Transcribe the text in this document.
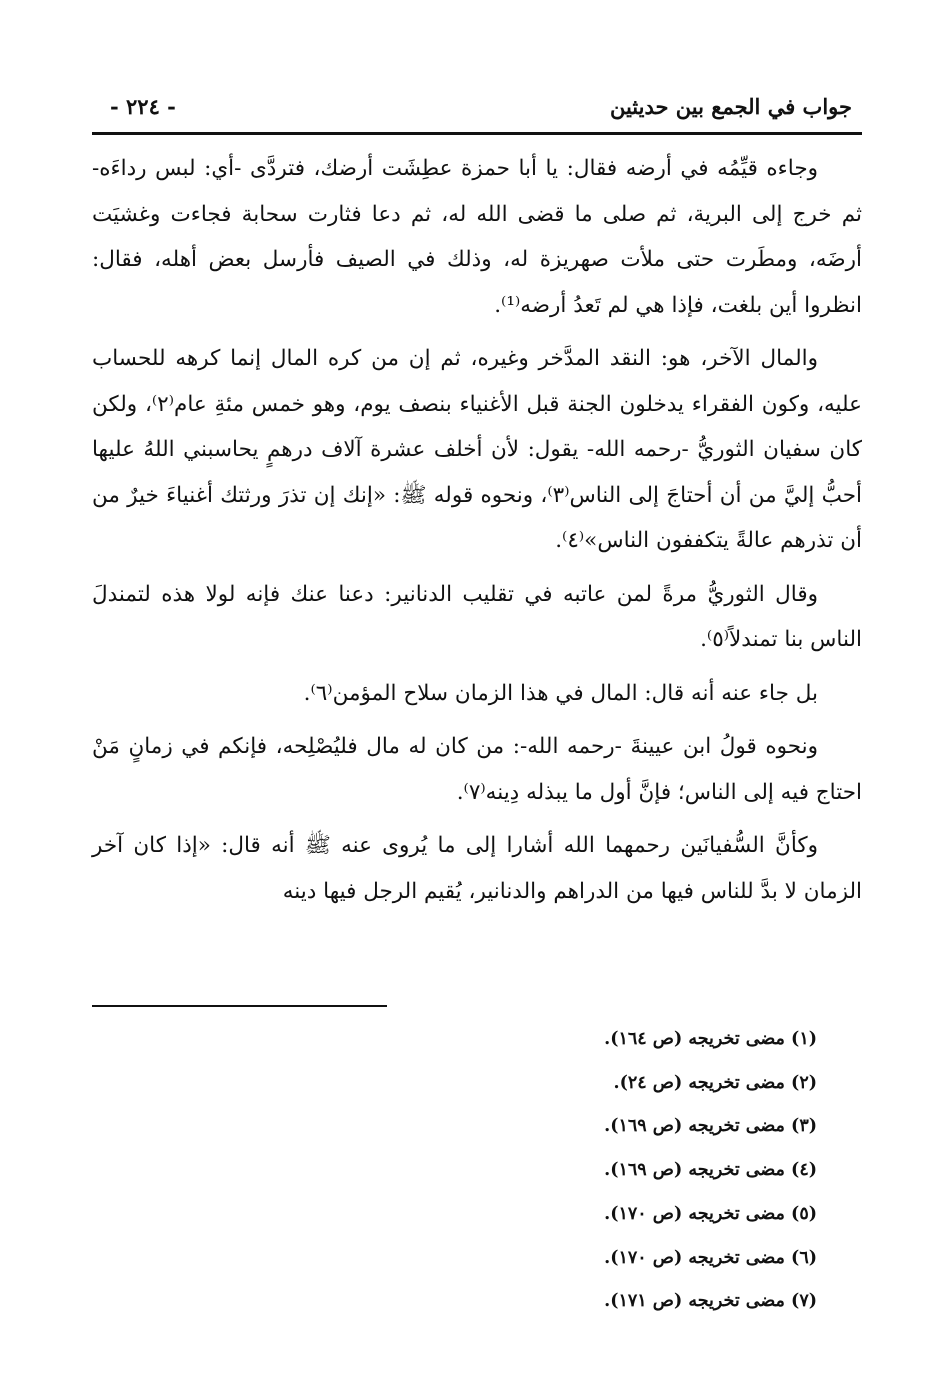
جواب في الجمع بين حديثين
- ٢٢٤ -

وجاءه قيِّمُه في أرضه فقال: يا أبا حمزة عطِشَت أرضك، فتردَّى -أي: لبس رداءَه- ثم خرج إلى البرية، ثم صلى ما قضى الله له، ثم دعا فثارت سحابة فجاءت وغشيَت أرضَه، ومطَرت حتى ملأت صهريزة له، وذلك في الصيف فأرسل بعض أهله، فقال: انظروا أين بلغت، فإذا هي لم تَعدُ أرضه⁽¹⁾.

والمال الآخر، هو: النقد المدَّخر وغيره، ثم إن من كره المال إنما كرهه للحساب عليه، وكون الفقراء يدخلون الجنة قبل الأغنياء بنصف يوم، وهو خمس مئةِ عام⁽٢⁾، ولكن كان سفيان الثوريُّ -رحمه الله- يقول: لأن أخلف عشرة آلاف درهمٍ يحاسبني اللهُ عليها أحبُّ إليَّ من أن أحتاجَ إلى الناس⁽٣⁾، ونحوه قوله ﷺ: «إنك إن تذرَ ورثتك أغنياءَ خيرٌ من أن تذرهم عالةً يتكففون الناس»⁽٤⁾.

وقال الثوريُّ مرةً لمن عاتبه في تقليب الدنانير: دعنا عنك فإنه لولا هذه لتمندلَ الناس بنا تمندلاً⁽٥⁾.

بل جاء عنه أنه قال: المال في هذا الزمان سلاح المؤمن⁽٦⁾.

ونحوه قولُ ابن عيينةَ -رحمه الله-: من كان له مال فليُصْلِحه، فإنكم في زمانٍ مَنْ احتاج فيه إلى الناس؛ فإنَّ أول ما يبذله دِينه⁽٧⁾.

وكأنَّ السُّفيانَين رحمهما الله أشارا إلى ما يُروى عنه ﷺ أنه قال: «إذا كان آخر الزمان لا بدَّ للناس فيها من الدراهم والدنانير، يُقيم الرجل فيها دينه

(١) مضى تخريجه (ص ١٦٤).
(٢) مضى تخريجه (ص ٢٤).
(٣) مضى تخريجه (ص ١٦٩).
(٤) مضى تخريجه (ص ١٦٩).
(٥) مضى تخريجه (ص ١٧٠).
(٦) مضى تخريجه (ص ١٧٠).
(٧) مضى تخريجه (ص ١٧١).
